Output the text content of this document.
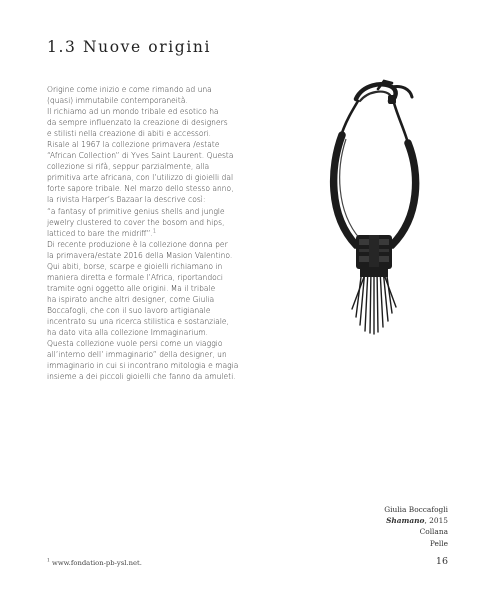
1.3 Nuove origini
Origine come inizio e come rimando ad una
(quasi) immutabile contemporaneità.
Il richiamo ad un mondo tribale ed esotico ha
da sempre influenzato la creazione di designers
e stilisti nella creazione di abiti e accessori.
Risale al 1967 la collezione primavera /estate
“African Collection” di Yves Saint Laurent. Questa
collezione si rifà, seppur parzialmente, alla
primitiva arte africana, con l’utilizzo di gioielli dal
forte sapore tribale. Nel marzo dello stesso anno,
la rivista Harper’s Bazaar la descrive così:
“a fantasy of primitive genius shells and jungle
jewelry clustered to cover the bosom and hips,
latticed to bare the midriff”.$^1$
Di recente produzione è la collezione donna per
la primavera/estate 2016 della Masion Valentino.
Qui abiti, borse, scarpe e gioielli richiamano in
maniera diretta e formale l’Africa, riportandoci
tramite ogni oggetto alle origini. Ma il tribale
ha ispirato anche altri designer, come Giulia
Boccafogli, che con il suo lavoro artigianale
incentrato su una ricerca stilistica e sostanziale,
ha dato vita alla collezione Immaginarium.
Questa collezione vuole persi come un viaggio
all’interno dell’ immaginario” della designer, un
immaginario in cui si incontrano mitologia e magia
insieme a dei piccoli gioielli che fanno da amuleti.
Giulia Boccafogli
Shamano, 2015
Collana
Pelle
$^1$ www.fondation-pb-ysl.net.	16
